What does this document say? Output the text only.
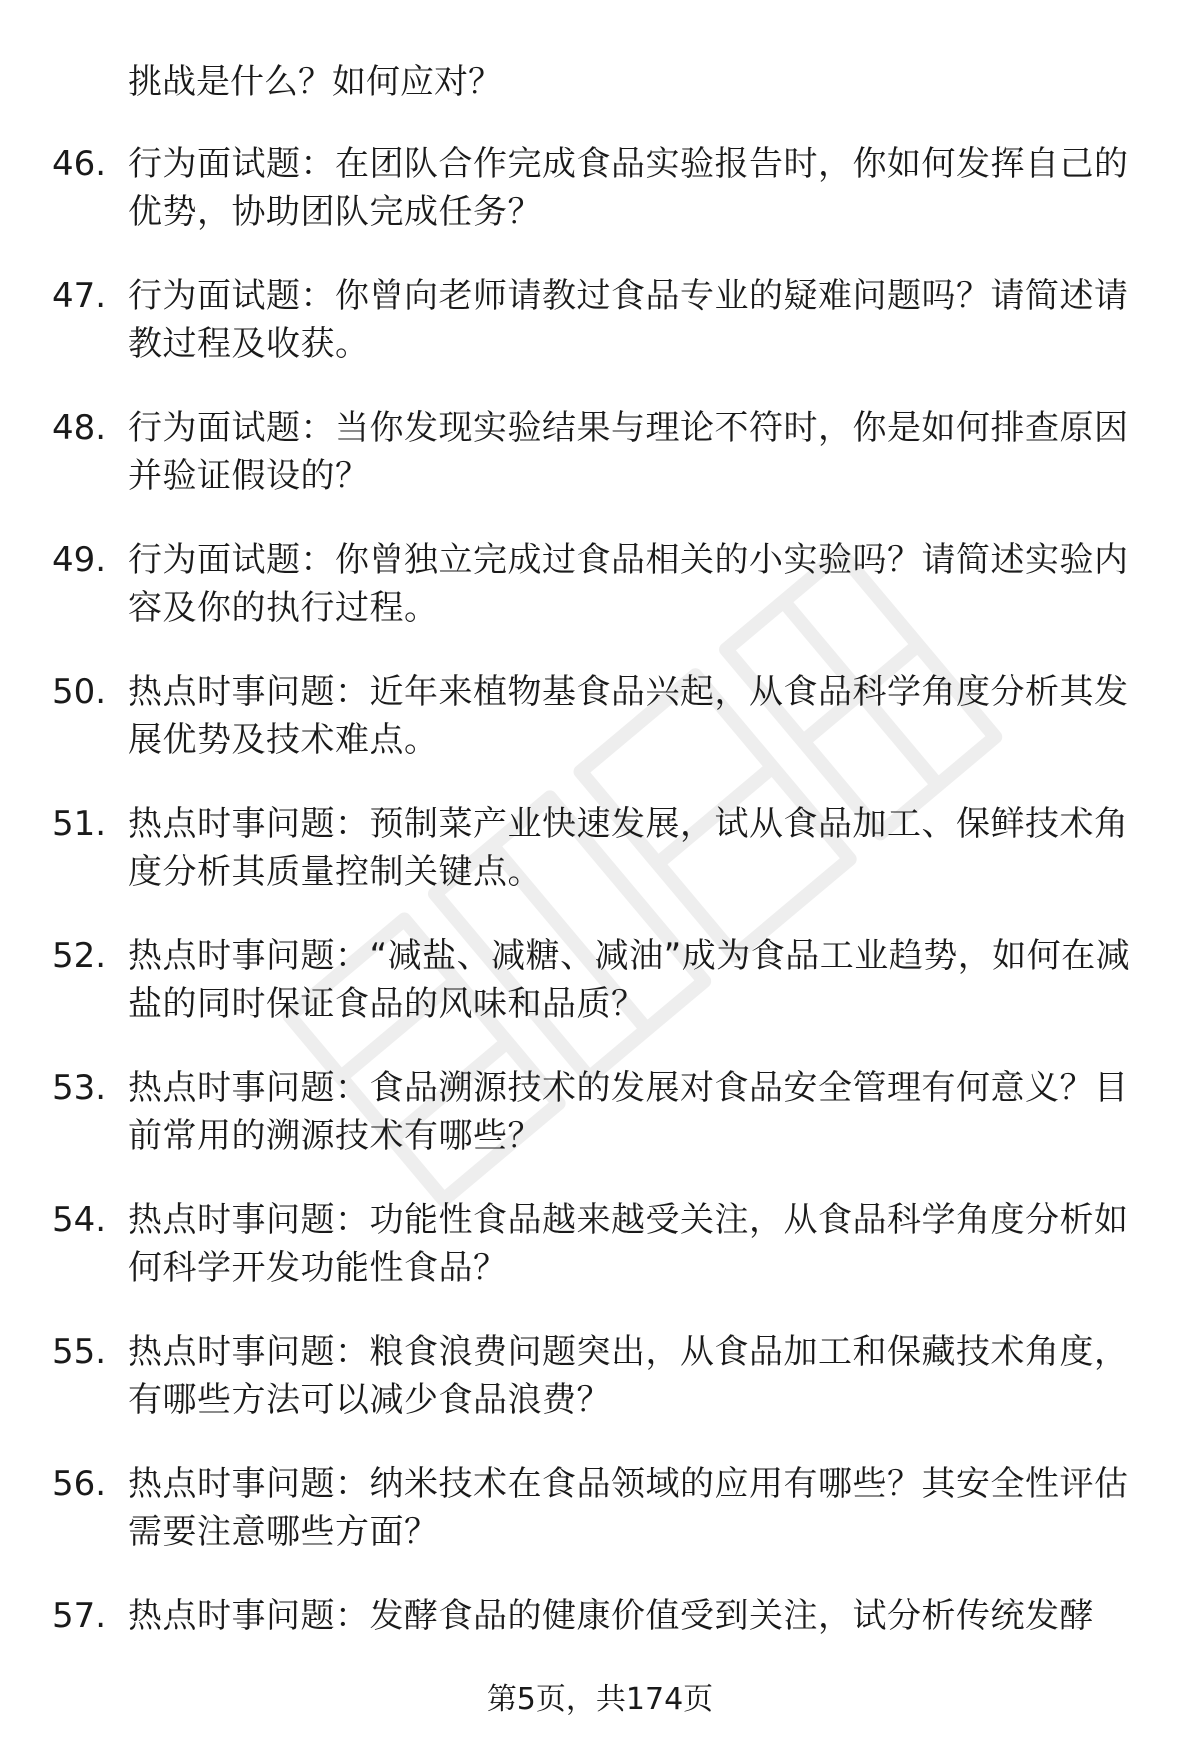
挑战是什么？如何应对？

46. 行为面试题：在团队合作完成食品实验报告时，你如何发挥自己的优势，协助团队完成任务？
47. 行为面试题：你曾向老师请教过食品专业的疑难问题吗？请简述请教过程及收获。
48. 行为面试题：当你发现实验结果与理论不符时，你是如何排查原因并验证假设的？
49. 行为面试题：你曾独立完成过食品相关的小实验吗？请简述实验内容及你的执行过程。
50. 热点时事问题：近年来植物基食品兴起，从食品科学角度分析其发展优势及技术难点。
51. 热点时事问题：预制菜产业快速发展，试从食品加工、保鲜技术角度分析其质量控制关键点。
52. 热点时事问题：“减盐、减糖、减油”成为食品工业趋势，如何在减盐的同时保证食品的风味和品质？
53. 热点时事问题：食品溯源技术的发展对食品安全管理有何意义？目前常用的溯源技术有哪些？
54. 热点时事问题：功能性食品越来越受关注，从食品科学角度分析如何科学开发功能性食品？
55. 热点时事问题：粮食浪费问题突出，从食品加工和保藏技术角度，有哪些方法可以减少食品浪费？
56. 热点时事问题：纳米技术在食品领域的应用有哪些？其安全性评估需要注意哪些方面？
57. 热点时事问题：发酵食品的健康价值受到关注，试分析传统发酵
第5页，共174页
